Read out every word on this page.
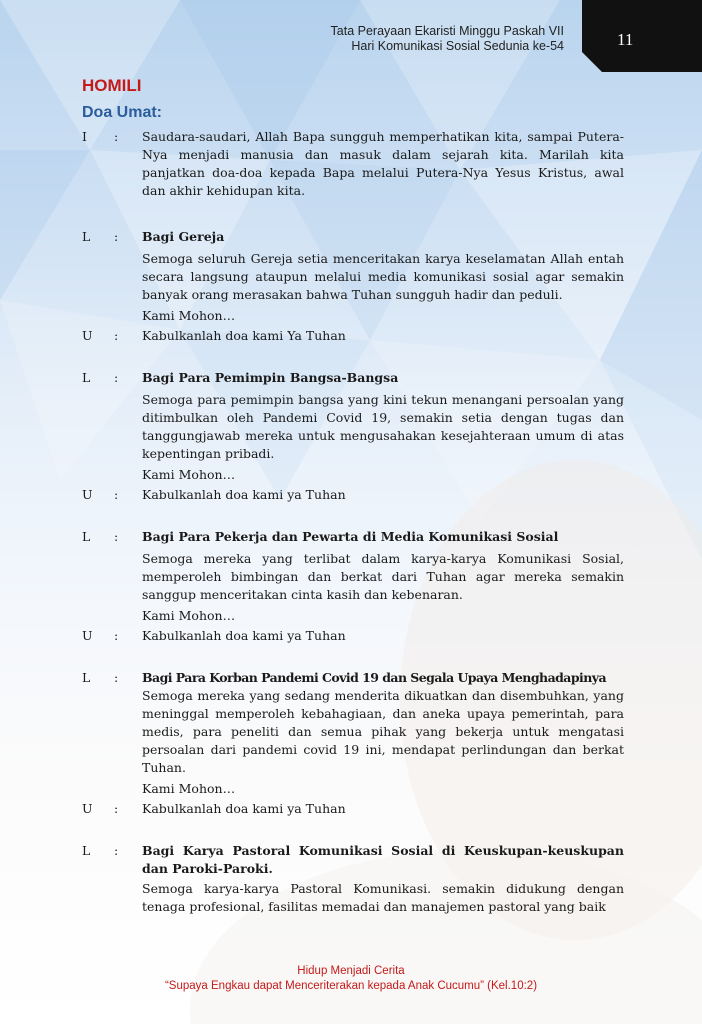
Tata Perayaan Ekaristi Minggu Paskah VII
Hari Komunikasi Sosial Sedunia ke-54	11
HOMILI
Doa Umat:
I	:	Saudara-saudari, Allah Bapa sungguh memperhatikan kita, sampai Putera-Nya menjadi manusia dan masuk dalam sejarah kita. Marilah kita panjatkan doa-doa kepada Bapa melalui Putera-Nya Yesus Kristus, awal dan akhir kehidupan kita.
L	:	Bagi Gereja
Semoga seluruh Gereja setia menceritakan karya keselamatan Allah entah secara langsung ataupun melalui media komunikasi sosial agar semakin banyak orang merasakan bahwa Tuhan sungguh hadir dan peduli.
Kami Mohon…
U	:	Kabulkanlah doa kami Ya Tuhan
L	:	Bagi Para Pemimpin Bangsa-Bangsa
Semoga para pemimpin bangsa yang kini tekun menangani persoalan yang ditimbulkan oleh Pandemi Covid 19, semakin setia dengan tugas dan tanggungjawab mereka untuk mengusahakan kesejahteraan umum di atas kepentingan pribadi.
Kami Mohon…
U	:	Kabulkanlah doa kami ya Tuhan
L	:	Bagi Para Pekerja dan Pewarta di Media Komunikasi Sosial
Semoga mereka yang terlibat dalam karya-karya Komunikasi Sosial, memperoleh bimbingan dan berkat dari Tuhan agar mereka semakin sanggup menceritakan cinta kasih dan kebenaran.
Kami Mohon…
U	:	Kabulkanlah doa kami ya Tuhan
L	:	Bagi Para Korban Pandemi Covid 19 dan Segala Upaya Menghadapinya
Semoga mereka yang sedang menderita dikuatkan dan disembuhkan, yang meninggal memperoleh kebahagiaan, dan aneka upaya pemerintah, para medis, para peneliti dan semua pihak yang bekerja untuk mengatasi persoalan dari pandemi covid 19 ini, mendapat perlindungan dan berkat Tuhan.
Kami Mohon…
U	:	Kabulkanlah doa kami ya Tuhan
L	:	Bagi Karya Pastoral Komunikasi Sosial di Keuskupan-keuskupan dan Paroki-Paroki.
Semoga karya-karya Pastoral Komunikasi. semakin didukung dengan tenaga profesional, fasilitas memadai dan manajemen pastoral yang baik
Hidup Menjadi Cerita
“Supaya Engkau dapat Menceriterakan kepada Anak Cucumu” (Kel.10:2)
